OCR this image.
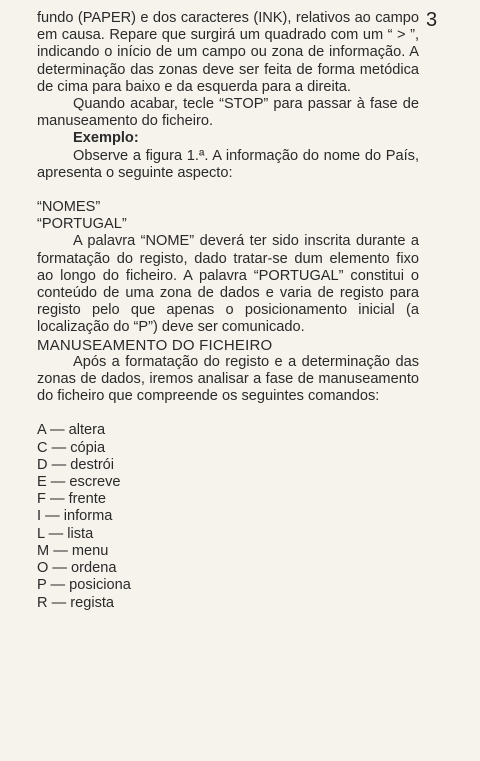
3

fundo (PAPER) e dos caracteres (INK), relativos ao campo em causa. Repare que surgirá um quadrado com um “ > ”, indicando o início de um campo ou zona de informação. A determinação das zonas deve ser feita de forma metódica de cima para baixo e da esquerda para a direita.

Quando acabar, tecle “STOP” para passar à fase de manuseamento do ficheiro.

Exemplo:

Observe a figura 1.ª. A informação do nome do País, apresenta o seguinte aspecto:

“NOMES”
“PORTUGAL”

A palavra “NOME” deverá ter sido inscrita durante a formatação do registo, dado tratar-se dum elemento fixo ao longo do ficheiro. A palavra “PORTUGAL” constitui o conteúdo de uma zona de dados e varia de registo para registo pelo que apenas o posicionamento inicial (a localização do “P”) deve ser comunicado.

MANUSEAMENTO DO FICHEIRO

Após a formatação do registo e a determinação das zonas de dados, iremos analisar a fase de manuseamento do ficheiro que compreende os seguintes comandos:

A — altera
C — cópia
D — destrói
E — escreve
F — frente
I — informa
L — lista
M — menu
O — ordena
P — posiciona
R — regista
